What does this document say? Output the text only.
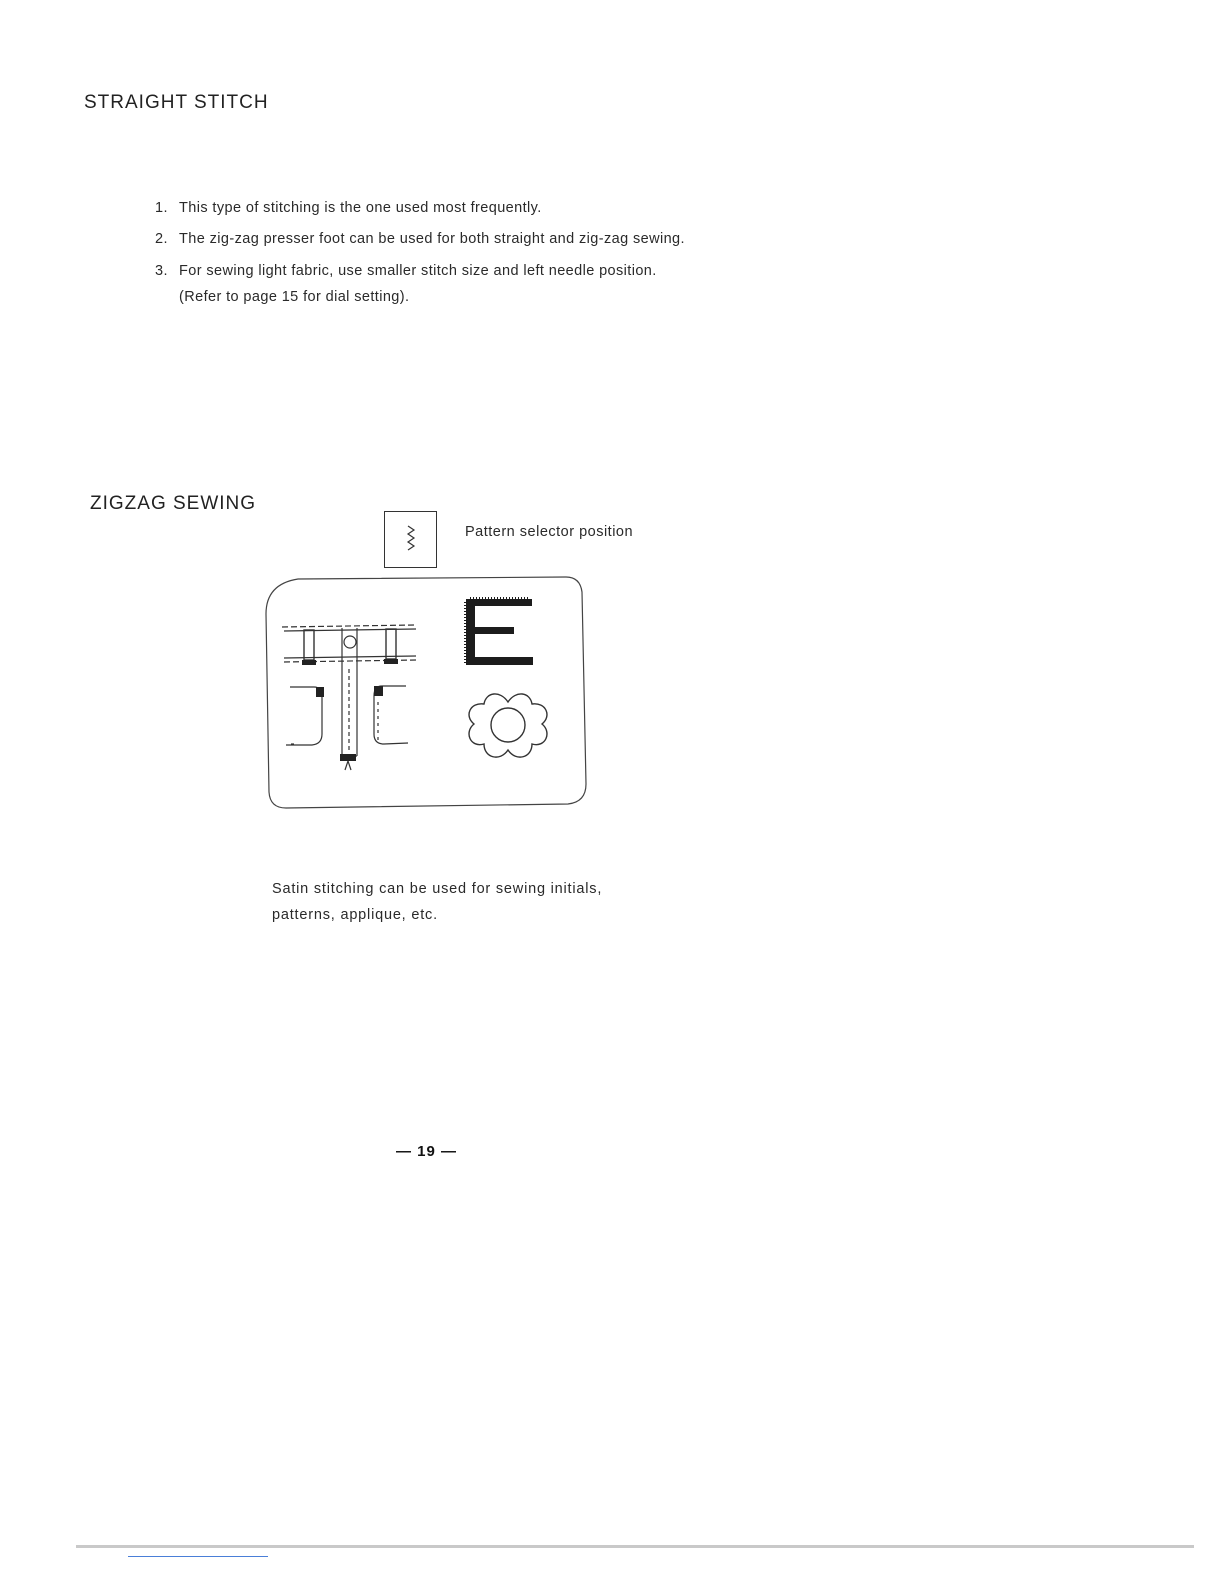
STRAIGHT STITCH
1. This type of stitching is the one used most frequently.
2. The zig-zag presser foot can be used for both straight and zig-zag sewing.
3. For sewing light fabric, use smaller stitch size and left needle position.
(Refer to page 15 for dial setting).
ZIGZAG SEWING
Pattern selector position
Satin stitching can be used for sewing initials,
patterns, applique, etc.
— 19 —
